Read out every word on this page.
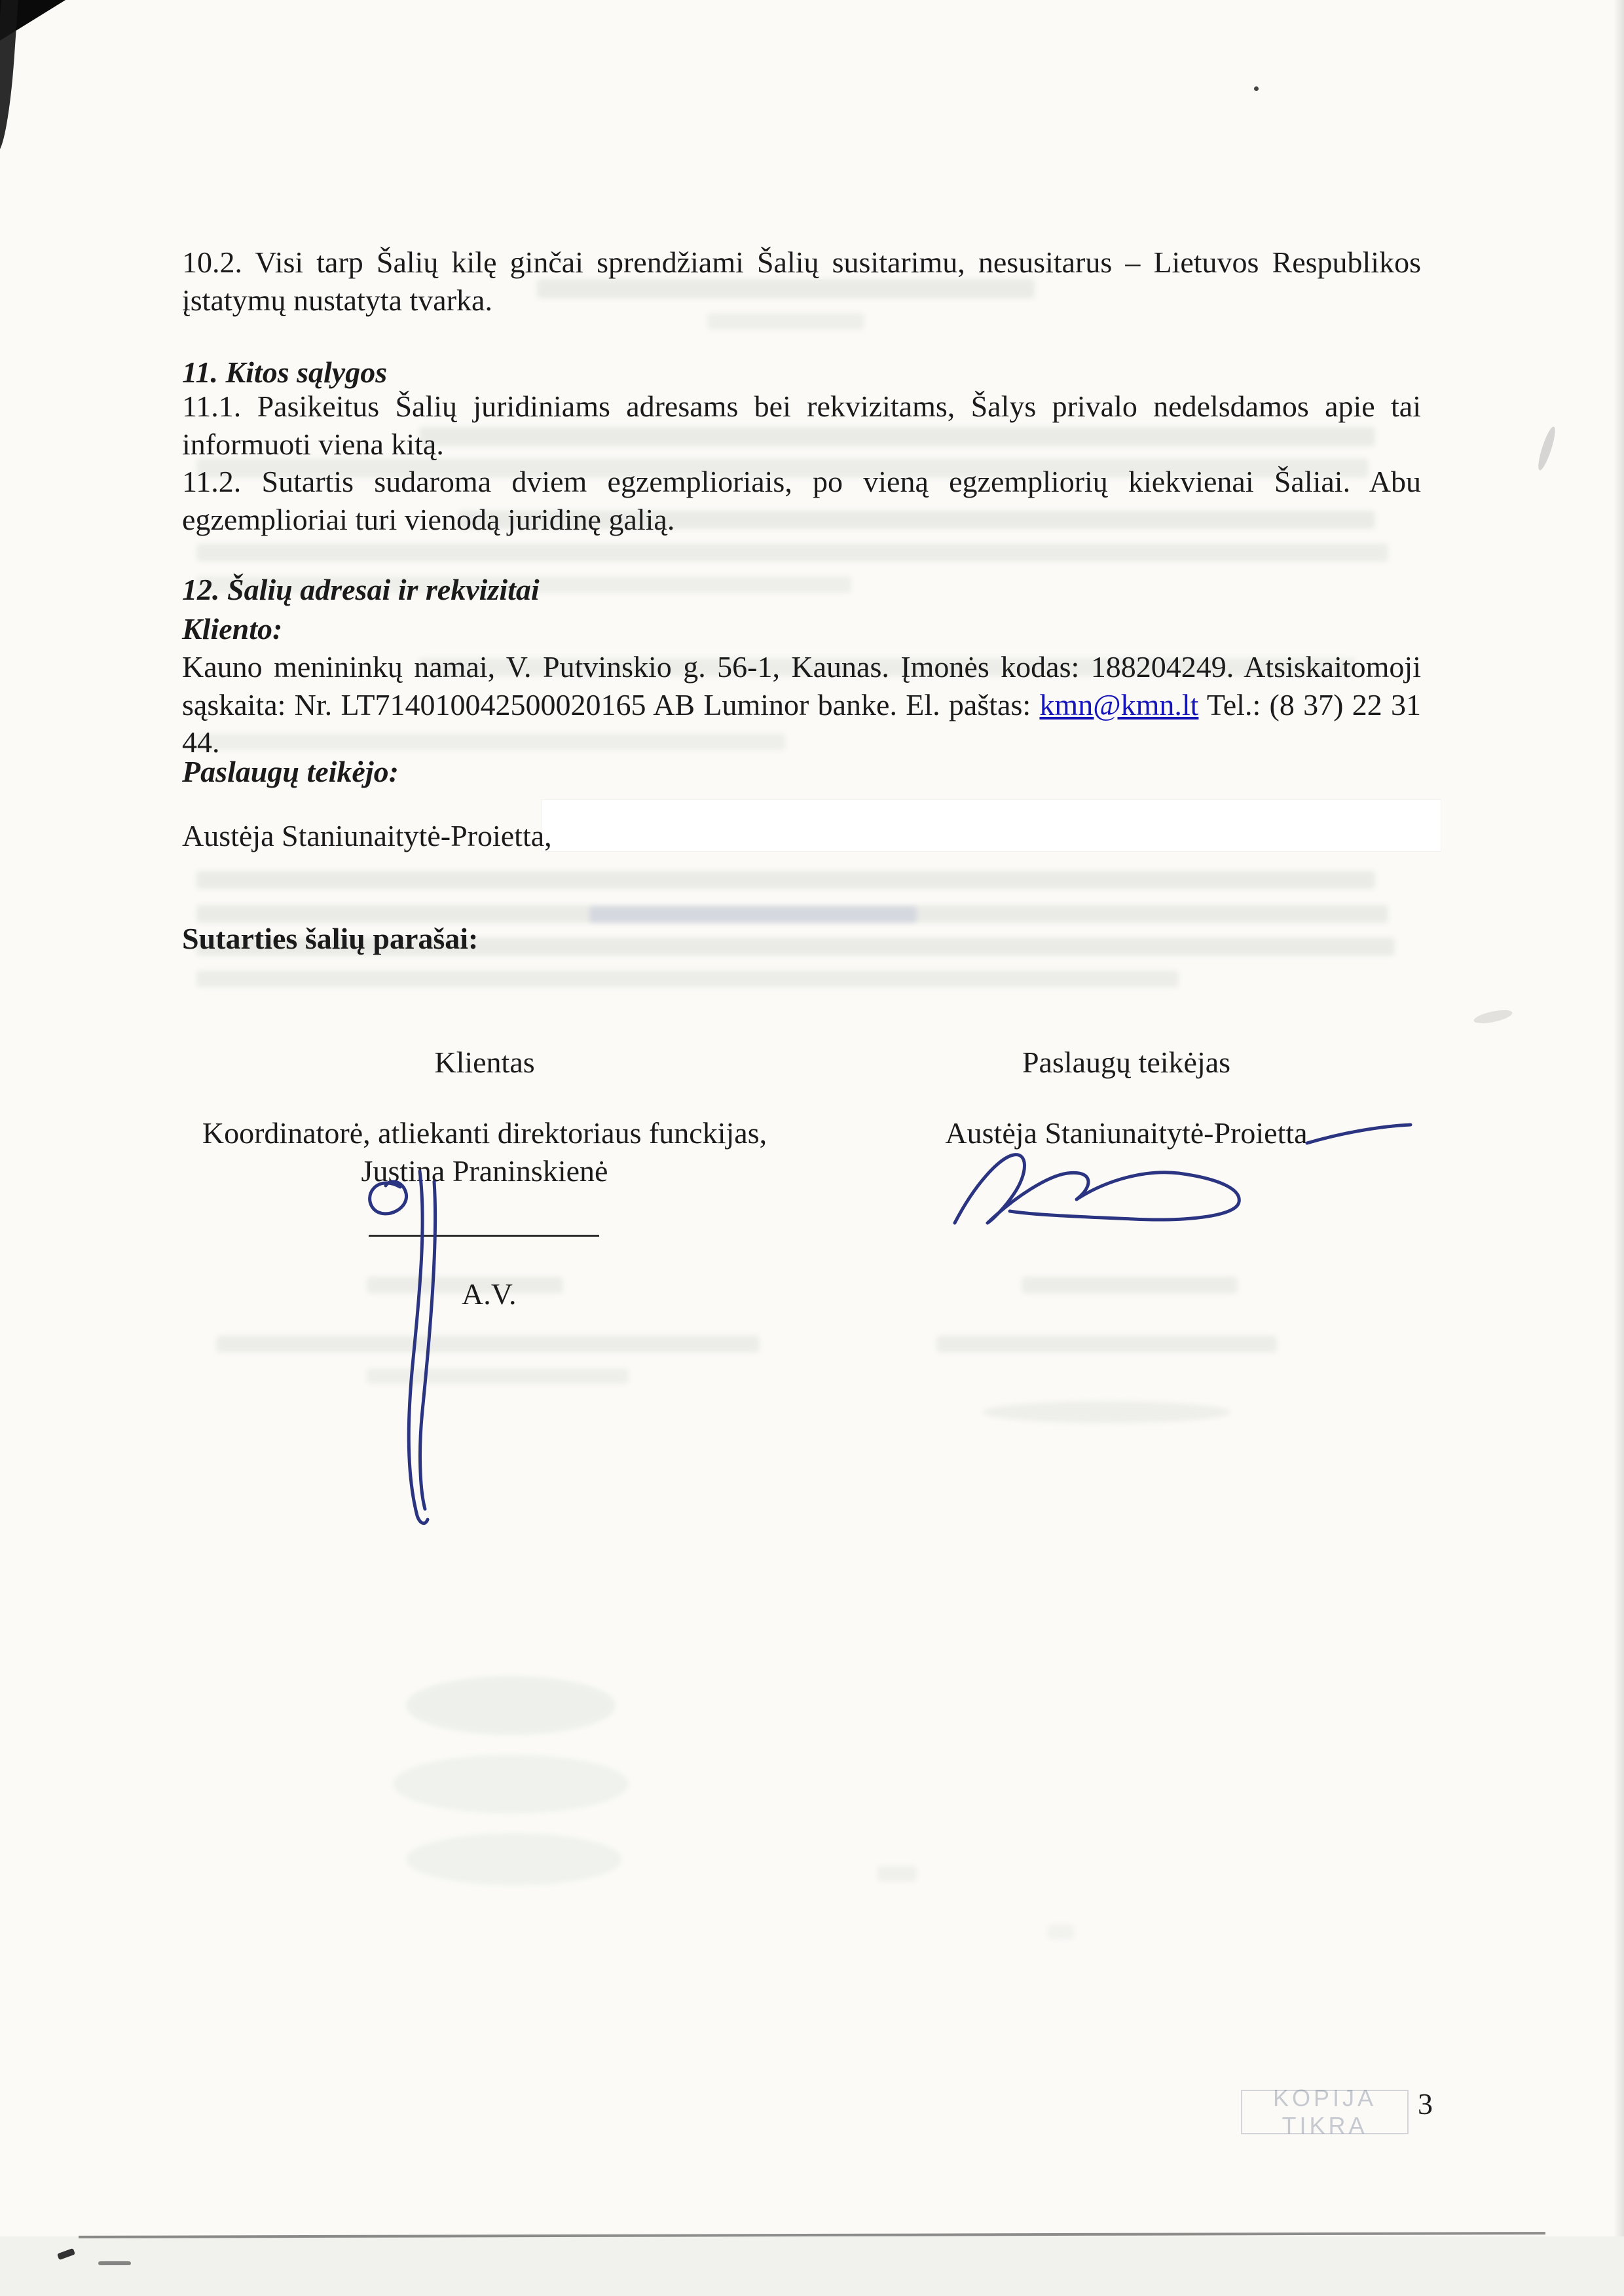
10.2. Visi tarp Šalių kilę ginčai sprendžiami Šalių susitarimu, nesusitarus – Lietuvos Respublikos įstatymų nustatyta tvarka.
11. Kitos sąlygos
11.1. Pasikeitus Šalių juridiniams adresams bei rekvizitams, Šalys privalo nedelsdamos apie tai informuoti viena kitą.
11.2. Sutartis sudaroma dviem egzemplioriais, po vieną egzempliorių kiekvienai Šaliai. Abu egzemplioriai turi vienodą juridinę galią.
12. Šalių adresai ir rekvizitai
Kliento:
Kauno menininkų namai, V. Putvinskio g. 56-1, Kaunas. Įmonės kodas: 188204249. Atsiskaitomoji sąskaita: Nr. LT714010042500020165 AB Luminor banke. El. paštas: kmn@kmn.lt Tel.: (8 37) 22 31 44.
Paslaugų teikėjo:
Austėja Staniunaitytė-Proietta,
Sutarties šalių parašai:
Klientas	Paslaugų teikėjas
Koordinatorė, atliekanti direktoriaus funckijas,
Justina Praninskienė
Austėja Staniunaitytė-Proietta
A.V.
KOPIJA TIKRA
3
